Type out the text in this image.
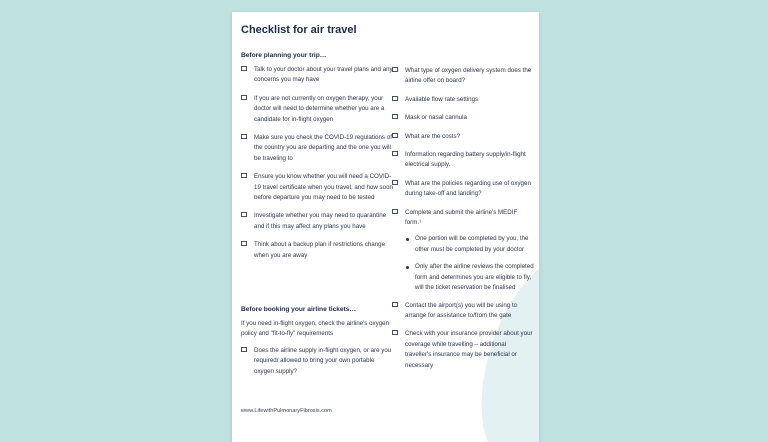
Checklist for air travel
Before planning your trip…
Talk to your doctor about your travel plans and any concerns you may have
If you are not currently on oxygen therapy, your doctor will need to determine whether you are a candidate for in-flight oxygen
Make sure you check the COVID-19 regulations of the country you are departing and the one you will be traveling to
Ensure you know whether you will need a COVID-19 travel certificate when you travel, and how soon before departure you may need to be tested
Investigate whether you may need to quarantine and if this may affect any plans you have
Think about a backup plan if restrictions change when you are away
Before booking your airline tickets…
If you need in-flight oxygen, check the airline's oxygen policy and "fit-to-fly" requirements
Does the airline supply in-flight oxygen, or are you required/ allowed to bring your own portable oxygen supply?
What type of oxygen delivery system does the airline offer on board?
Available flow rate settings
Mask or nasal cannula
What are the costs?
Information regarding battery supply/in-flight electrical supply.
What are the policies regarding use of oxygen during take-off and landing?
Complete and submit the airline's MEDIF form.¹
One portion will be completed by you, the other must be completed by your doctor
Only after the airline reviews the completed form and determines you are eligible to fly, will the ticket reservation be finalised
Contact the airport(s) you will be using to arrange for assistance to/from the gate
Check with your insurance provider about your coverage while travelling – additional traveller's insurance may be beneficial or necessary
www.LifewithPulmonaryFibrosis.com
